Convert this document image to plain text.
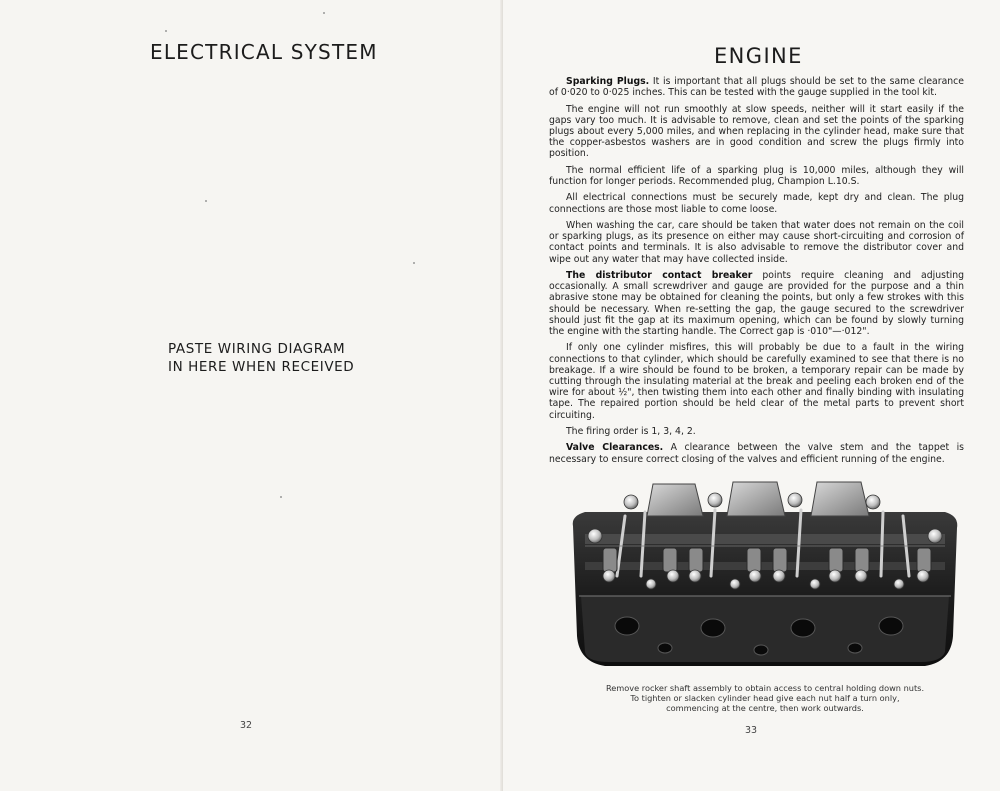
ELECTRICAL SYSTEM
PASTE WIRING DIAGRAM
IN HERE WHEN RECEIVED
32
ENGINE

Sparking Plugs. It is important that all plugs should be set to the same clearance of 0·020 to 0·025 inches. This can be tested with the gauge supplied in the tool kit.

The engine will not run smoothly at slow speeds, neither will it start easily if the gaps vary too much. It is advisable to remove, clean and set the points of the sparking plugs about every 5,000 miles, and when replacing in the cylinder head, make sure that the copper-asbestos washers are in good condition and screw the plugs firmly into position.

The normal efficient life of a sparking plug is 10,000 miles, although they will function for longer periods. Recommended plug, Champion L.10.S.

All electrical connections must be securely made, kept dry and clean. The plug connections are those most liable to come loose.

When washing the car, care should be taken that water does not remain on the coil or sparking plugs, as its presence on either may cause short-circuiting and corrosion of contact points and terminals. It is also advisable to remove the distributor cover and wipe out any water that may have collected inside.

The distributor contact breaker points require cleaning and adjusting occasionally. A small screwdriver and gauge are provided for the purpose and a thin abrasive stone may be obtained for cleaning the points, but only a few strokes with this should be necessary. When re-setting the gap, the gauge secured to the screwdriver should just fit the gap at its maximum opening, which can be found by slowly turning the engine with the starting handle. The Correct gap is ·010"—·012".

If only one cylinder misfires, this will probably be due to a fault in the wiring connections to that cylinder, which should be carefully examined to see that there is no breakage. If a wire should be found to be broken, a temporary repair can be made by cutting through the insulating material at the break and peeling each broken end of the wire for about ½", then twisting them into each other and finally binding with insulating tape. The repaired portion should be held clear of the metal parts to prevent short circuiting.

The firing order is 1, 3, 4, 2.

Valve Clearances. A clearance between the valve stem and the tappet is necessary to ensure correct closing of the valves and efficient running of the engine.

Remove rocker shaft assembly to obtain access to central holding down nuts.
To tighten or slacken cylinder head give each nut half a turn only,
commencing at the centre, then work outwards.
33
